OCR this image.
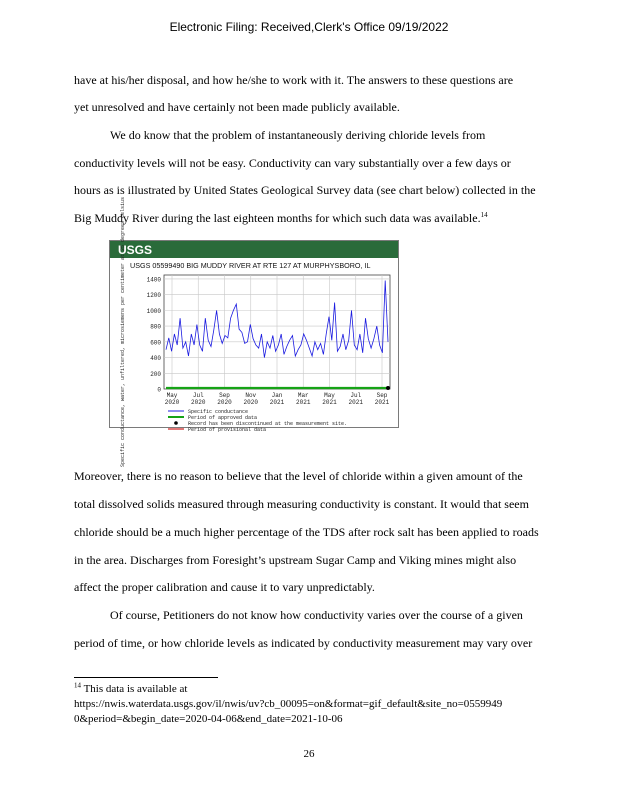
Electronic Filing: Received,Clerk's Office 09/19/2022
have at his/her disposal, and how he/she to work with it. The answers to these questions are
yet unresolved and have certainly not been made publicly available.
We do know that the problem of instantaneously deriving chloride levels from
conductivity levels will not be easy. Conductivity can vary substantially over a few days or
hours as is illustrated by United States Geological Survey data (see chart below) collected in the
Big Muddy River during the last eighteen months for which such data was available.$^{14}$
USGS
USGS 05599490 BIG MUDDY RIVER AT RTE 127 AT MURPHYSBORO, IL
0
200
400
600
800
1000
1200
1400
May
2020
Jul
2020
Sep
2020
Nov
2020
Jan
2021
Mar
2021
May
2021
Jul
2021
Sep
2021
Specific conductance, water, unfiltered, microsiemens per centimeter at 25 degrees Celsius	Specific conductance
Period of approved data
Record has been discontinued at the measurement site.
Period of provisional data
Moreover, there is no reason to believe that the level of chloride within a given amount of the
total dissolved solids measured through measuring conductivity is constant. It would that seem
chloride should be a much higher percentage of the TDS after rock salt has been applied to roads
in the area. Discharges from Foresight’s upstream Sugar Camp and Viking mines might also
affect the proper calibration and cause it to vary unpredictably.
Of course, Petitioners do not know how conductivity varies over the course of a given
period of time, or how chloride levels as indicated by conductivity measurement may vary over
$^{14}$ This data is available at
https://nwis.waterdata.usgs.gov/il/nwis/uv?cb_00095=on&format=gif_default&site_no=0559949
0&period=&begin_date=2020-04-06&end_date=2021-10-06
26
